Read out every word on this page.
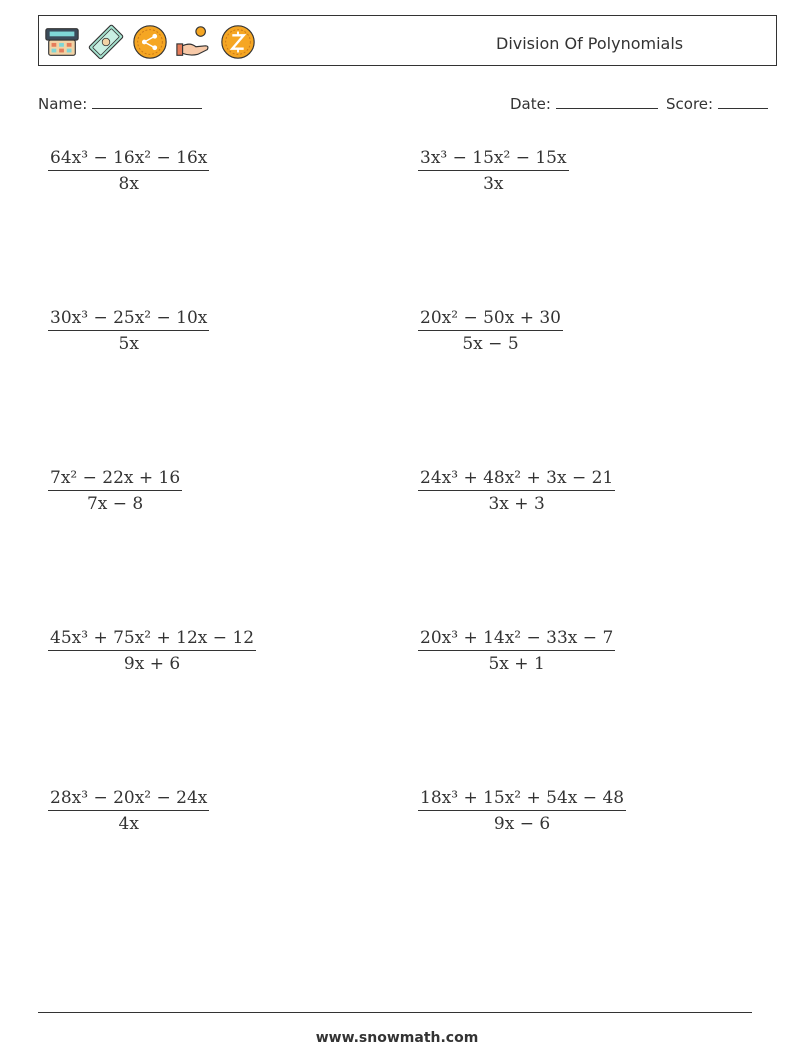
Division Of Polynomials
Name:	Date:	Score:
$\frac{\text{64x³ − 16x² − 16x}}{8x}$	$\frac{\text{3x³ − 15x² − 15x}}{3x}$
$\frac{\text{30x³ − 25x² − 10x}}{5x}$	$\frac{\text{20x² − 50x + 30}}{5x - 5}$
$\frac{\text{7x² − 22x + 16}}{7x - 8}$	$\frac{\text{24x³ + 48x² + 3x − 21}}{3x + 3}$
$\frac{\text{45x³ + 75x² + 12x − 12}}{9x + 6}$	$\frac{\text{20x³ + 14x² − 33x − 7}}{5x + 1}$
$\frac{\text{28x³ − 20x² − 24x}}{4x}$	$\frac{\text{18x³ + 15x² + 54x − 48}}{9x - 6}$
www.snowmath.com
